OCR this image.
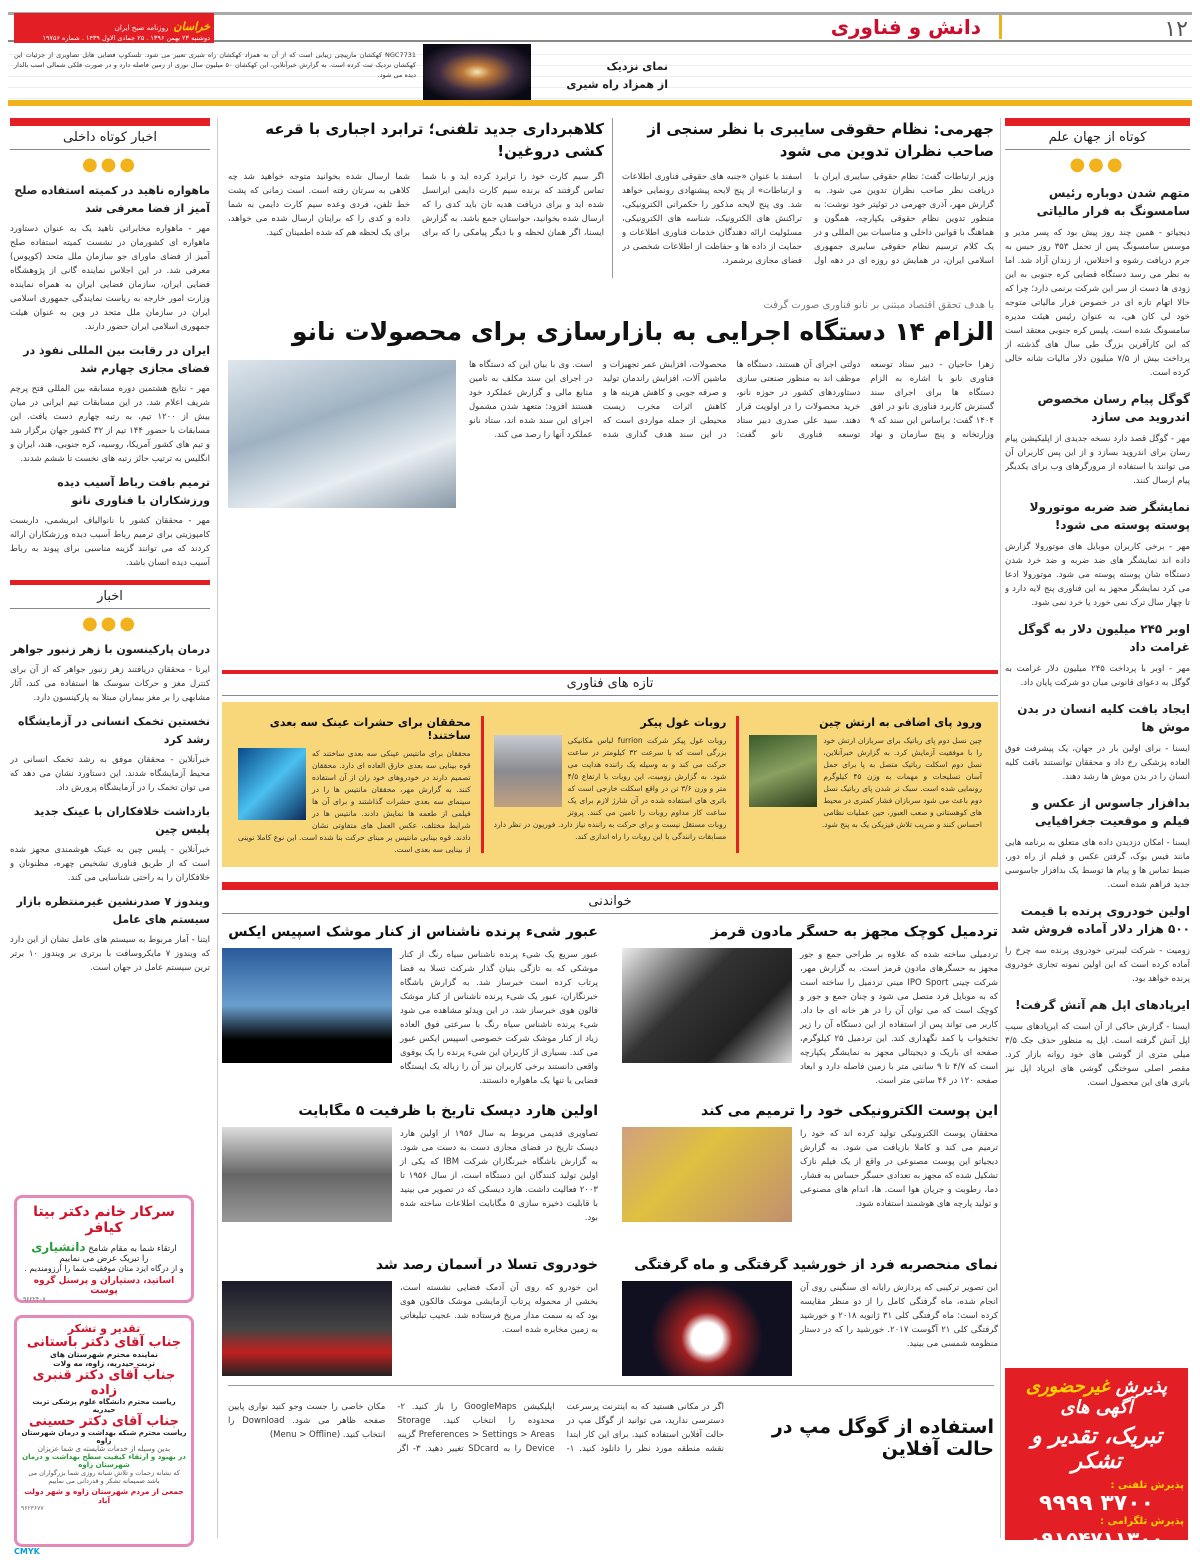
۱۲
دانش و فناوری
خراسان روزنامه صبح ایران
دوشنبه ۲۳ بهمن ۱۳۹۶ . ۲۵ جمادی الاول ۱۴۳۹ . شماره ۱۹۷۵۶
نمای نزدیک
از همزاد راه شیری
NGC7731 کهکشان مارپیچی زیبایی است که از آن به همزاد کهکشان راه شیری تعبیر می شود. تلسکوپ فضایی هابل تصاویری از جزئیات این کهکشان نزدیک ثبت کرده است. به گزارش خبرآنلاین، این کهکشان ۵۰ میلیون سال نوری از زمین فاصله دارد و در صورت فلکی شمالی اسب بالدار دیده می شود.
کوتاه از جهان علم
●●●
متهم شدن دوباره رئیس سامسونگ به فرار مالیاتی
دیجیاتو - همین چند روز پیش بود که پسر مدیر و موسس سامسونگ پس از تحمل ۳۵۳ روز حبس به جرم دریافت رشوه و اختلاس، از زندان آزاد شد. اما به نظر می رسد دستگاه قضایی کره جنوبی به این زودی ها دست از سر این شرکت برنمی دارد؛ چرا که حالا اتهام تازه ای در خصوص فرار مالیاتی متوجه خود لی کان هی، به عنوان رئیس هیئت مدیره سامسونگ شده است. پلیس کره جنوبی معتقد است که این کارآفرین بزرگ طی سال های گذشته از پرداخت بیش از ۷/۵ میلیون دلار مالیات شانه خالی کرده است.
گوگل پیام رسان مخصوص اندروید می سازد
مهر - گوگل قصد دارد نسخه جدیدی از اپلیکیشن پیام رسان برای اندروید بسازد و از این پس کاربران آن می توانند با استفاده از مرورگرهای وب برای یکدیگر پیام ارسال کنند.
نمایشگر ضد ضربه موتورولا پوسته پوسته می شود!
مهر - برخی کاربران موبایل های موتورولا گزارش داده اند نمایشگر های ضد ضربه و ضد خرد شدن دستگاه شان پوسته پوسته می شود. موتورولا ادعا می کرد نمایشگر مجهز به این فناوری پنج لایه دارد و تا چهار سال ترک نمی خورد یا خرد نمی شود.
اوبر ۲۴۵ میلیون دلار به گوگل غرامت داد
مهر - اوبر با پرداخت ۲۴۵ میلیون دلار غرامت به گوگل به دعوای قانونی میان دو شرکت پایان داد.
ایجاد بافت کلیه انسان در بدن موش ها
ایسنا - برای اولین بار در جهان، یک پیشرفت فوق العاده پزشکی رخ داد و محققان توانستند بافت کلیه انسان را در بدن موش ها رشد دهند.
بدافزار جاسوس از عکس و فیلم و موقعیت جغرافیایی
ایسنا - امکان دزدیدن داده های متعلق به برنامه هایی مانند فیس بوک، گرفتن عکس و فیلم از راه دور، ضبط تماس ها و پیام ها توسط یک بدافزار جاسوسی جدید فراهم شده است.
اولین خودروی پرنده با قیمت ۵۰۰ هزار دلار آماده فروش شد
زومیت - شرکت لیبرتی خودروی پرنده سه چرخ را آماده کرده است که این اولین نمونه تجاری خودروی پرنده خواهد بود.
ایرپادهای اپل هم آتش گرفت!
ایسنا - گزارش حاکی از آن است که ایرپادهای سیب اپل آتش گرفته است. اپل به منظور حذف جک ۳/۵ میلی متری از گوشی های خود روانه بازار کرد. مقصر اصلی سوختگی گوشی های ایرپاد اپل نیز باتری های این محصول است.
پذیرش غیرحضوری آگهی های
تبریک، تقدیر و تشکر
پذیرش تلفنی :
۳۷۰۰ ۹۹۹۹
پذیرش تلگرامی :
۰۹۱۵۴۷۱۱۳۰۰
جهرمی: نظام حقوقی سایبری با نظر سنجی از صاحب نظران تدوین می شود
وزیر ارتباطات گفت: نظام حقوقی سایبری ایران با دریافت نظر صاحب نظران تدوین می شود. به گزارش مهر، آذری جهرمی در توئیتر خود نوشت: به منظور تدوین نظام حقوقی یکپارچه، همگون و هماهنگ با قوانین داخلی و مناسبات بین المللی و در یک کلام ترسیم نظام حقوقی سایبری جمهوری اسلامی ایران، در همایش دو روزه ای در دهه اول اسفند با عنوان «جنبه های حقوقی فناوری اطلاعات و ارتباطات» از پنج لایحه پیشنهادی رونمایی خواهد شد. وی پنج لایحه مذکور را حکمرانی الکترونیکی، تراکنش های الکترونیک، شناسه های الکترونیکی، مسئولیت ارائه دهندگان خدمات فناوری اطلاعات و حمایت از داده ها و حفاظت از اطلاعات شخصی در فضای مجازی برشمرد.
کلاهبرداری جدید تلفنی؛ ترابرد اجباری با قرعه کشی دروغین!
اگر سیم کارت خود را ترابرد کرده اید و با شما تماس گرفتند که برنده سیم کارت دایمی ایرانسل شده اید و برای دریافت هدیه تان باید کدی را که ارسال شده بخوانید، حواستان جمع باشد. به گزارش ایسنا، اگر همان لحظه و با دیگر پیامکی را که برای شما ارسال شده بخوانید متوجه خواهید شد چه کلاهی به سرتان رفته است. است زمانی که پشت خط تلفن، فردی وعده سیم کارت دایمی به شما داده و کدی را که برایتان ارسال شده می خواهد، برای یک لحظه هم که شده اطمینان کنید.
با هدف تحقق اقتصاد مبتنی بر نانو فناوری صورت گرفت
الزام ۱۴ دستگاه اجرایی به بازارسازی برای محصولات نانو
زهرا حاجیان - دبیر ستاد توسعه فناوری نانو با اشاره به الزام دستگاه ها برای اجرای سند گسترش کاربرد فناوری نانو در افق ۱۴۰۴ گفت: براساس این سند که ۹ وزارتخانه و پنج سازمان و نهاد دولتی اجرای آن هستند، دستگاه ها موظف اند به منظور صنعتی سازی دستاوردهای کشور در حوزه نانو، خرید محصولات را در اولویت قرار دهند. سید علی صدری دبیر ستاد توسعه فناوری نانو گفت: محصولات، افزایش عمر تجهیزات و ماشین آلات، افزایش راندمان تولید و صرفه جویی و کاهش هزینه ها و کاهش اثرات مخرب زیست محیطی از جمله مواردی است که در این سند هدف گذاری شده است. وی با بیان این که دستگاه ها در اجرای این سند مکلف به تامین منابع مالی و گزارش عملکرد خود هستند افزود: متعهد شدن مشمول اجرای این سند شده اند، ستاد نانو عملکرد آنها را رصد می کند.
تازه های فناوری
ورود پای اضافی به ارتش چین
چین نسل دوم پای رباتیک برای سربازان ارتش خود را با موفقیت آزمایش کرد. به گزارش خبرآنلاین، نسل دوم اسکلت رباتیک متصل به پا برای حمل آسان تسلیحات و مهمات به وزن ۴۵ کیلوگرم رونمایی شده است. سبک تر شدن پای رباتیک نسل دوم باعث می شود سربازان فشار کمتری در محیط های کوهستانی و صعب العبور، حین عملیات نظامی احساس کنند و ضریب تلاش فیزیکی یک به پنج شود.
روبات غول پیکر
روبات غول پیکر شرکت furrion لباس مکانیکی بزرگی است که با سرعت ۳۲ کیلومتر در ساعت حرکت می کند و به وسیله یک راننده هدایت می شود. به گزارش زومیت، این روبات با ارتفاع ۴/۵ متر و وزن ۳/۶ تن در واقع اسکلت خارجی است که باتری های استفاده شده در آن شارژ لازم برای یک ساعت کار مداوم روبات را تامین می کنند. پروتز روبات مستقل نیست و برای حرکت به راننده نیاز دارد. فوریون در نظر دارد مسابقات رانندگی با این روبات را راه اندازی کند.
محققان برای حشرات عینک سه بعدی ساختند!
محققان برای مانتیس عینکی سه بعدی ساختند که قوه بینایی سه بعدی خارق العاده ای دارد. محققان تصمیم دارند در خودروهای خود ران از آن استفاده کنند. به گزارش مهر، محققان مانتیس ها را در سینمای سه بعدی حشرات گذاشتند و برای آن ها فیلمی از طعمه ها نمایش دادند. مانتیس ها در شرایط مختلف، عکس العمل های متفاوتی نشان دادند. قوه بینایی مانتیس بر مبنای حرکت بنا شده است. این نوع کاملا نوینی از بینایی سه بعدی است.
خواندنی
تردمیل کوچک مجهز به حسگر مادون قرمز
تردمیلی ساخته شده که علاوه بر طراحی جمع و جور مجهز به حسگرهای مادون قرمز است. به گزارش مهر، شرکت چینی IPO Sport مینی تردمیل را ساخته است که به موبایل فرد متصل می شود و چنان جمع و جور و کوچک است که می توان آن را در هر خانه ای جا داد. کاربر می تواند پس از استفاده از این دستگاه آن را زیر تختخواب یا کمد نگهداری کند. این تردمیل ۲۵ کیلوگرم، صفحه ای باریک و دیجیتالی مجهز به نمایشگر یکپارچه است که ۴/۷ تا ۹ سانتی متر با زمین فاصله دارد و ابعاد صفحه ۱۲۰ در ۴۶ سانتی متر است.
عبور شیء پرنده ناشناس از کنار موشک اسپیس ایکس
عبور سریع یک شیء پرنده ناشناس سیاه رنگ از کنار موشکی که به تازگی بنیان گذار شرکت تسلا به فضا پرتاب کرده است خبرساز شد. به گزارش باشگاه خبرنگاران، عبور یک شیء پرنده ناشناس از کنار موشک فالون هوی خبرساز شد. در این ویدئو مشاهده می شود شیء پرنده ناشناس سیاه رنگ با سرعتی فوق العاده زیاد از کنار موشک شرکت خصوصی اسپیس ایکس عبور می کند. بسیاری از کاربران این شیء پرنده را یک یوفوی واقعی دانستند برخی کاربران نیز آن را زباله یک ایستگاه فضایی یا تنها یک ماهواره دانستند.
این پوست الکترونیکی خود را ترمیم می کند
محققان پوست الکترونیکی تولید کرده اند که خود را ترمیم می کند و کاملا بازیافت می شود. به گزارش دیجیاتو این پوست مصنوعی در واقع از یک فیلم نازک تشکیل شده که مجهز به تعدادی حسگر حساس به فشار، دما، رطوبت و جریان هوا است. ها، اندام های مصنوعی و تولید پارچه های هوشمند استفاده شود.
اولین هارد دیسک تاریخ با ظرفیت ۵ مگابایت
تصاویری قدیمی مربوط به سال ۱۹۵۶ از اولین هارد دیسک تاریخ در فضای مجازی دست به دست می شود. به گزارش باشگاه خبرنگاران شرکت IBM که یکی از اولین تولید کنندگان این دستگاه است، از سال ۱۹۵۶ تا ۲۰۰۳ فعالیت داشت. هارد دیسکی که در تصویر می بینید با قابلیت ذخیره سازی ۵ مگابایت اطلاعات ساخته شده بود.
نمای منحصربه فرد از خورشید گرفتگی و ماه گرفتگی
این تصویر ترکیبی که پردازش رایانه ای سنگینی روی آن انجام شده، ماه گرفتگی کامل را از دو منظر مقایسه کرده است: ماه گرفتگی کلی ۳۱ ژانویه ۲۰۱۸ و خورشید گرفتگی کلی ۲۱ آگوست ۲۰۱۷. خورشید را که در دستار منظومه شمسی می بینید.
خودروی تسلا در آسمان رصد شد
این خودرو که روی آن آدمک فضایی نشسته است، بخشی از محموله پرتاب آزمایشی موشک فالکون هوی بود که به سمت مدار مریخ فرستاده شد. عجیب تبلیغاتی به زمین مخابره شده است.
استفاده از گوگل مپ در حالت آفلاین
اگر در مکانی هستید که به اینترنت پرسرعت دسترسی ندارید، می توانید از گوگل مپ در حالت آفلاین استفاده کنید. برای این کار ابتدا نقشه منطقه مورد نظر را دانلود کنید. ۱- اپلیکیشن GoogleMaps را باز کنید. ۲- محدوده را انتخاب کنید. Storage Preferences > Settings > Areas گزینه Device را به SDcard تغییر دهید. ۳- اگر مکان خاصی را جست وجو کنید نواری پایین صفحه ظاهر می شود. Download را انتخاب کنید. (Menu > Offline)
اخبار کوتاه داخلی
●●●
ماهواره ناهید در کمیته استفاده صلح آمیز از فضا معرفی شد
مهر - ماهواره مخابراتی ناهید یک به عنوان دستاورد ماهواره ای کشورمان در نشست کمیته استفاده صلح آمیز از فضای ماورای جو سازمان ملل متحد (کوپوس) معرفی شد. در این اجلاس نماینده گانی از پژوهشگاه فضایی ایران، سازمان فضایی ایران به همراه نماینده وزارت امور خارجه به ریاست نمایندگی جمهوری اسلامی ایران در سازمان ملل متحد در وین به عنوان هیئت جمهوری اسلامی ایران حضور دارند.
ایران در رقابت بین المللی نفوذ در فضای مجازی چهارم شد
مهر - نتایج هشتمین دوره مسابقه بین المللی فتح پرچم شریف اعلام شد. در این مسابقات تیم ایرانی در میان بیش از ۱۲۰۰ تیم، به رتبه چهارم دست یافت. این مسابقات با حضور ۱۴۴ تیم از ۳۲ کشور جهان برگزار شد و تیم های کشور آمریکا، روسیه، کره جنوبی، هند، ایران و انگلیس به ترتیب حائز رتبه های نخست تا ششم شدند.
ترمیم بافت رباط آسیب دیده ورزشکاران با فناوری نانو
مهر - محققان کشور با نانوالیاف ابریشمی، داربست کامپوزیتی برای ترمیم رباط آسیب دیده ورزشکاران ارائه کردند که می توانند گزینه مناسبی برای پیوند به رباط آسیب دیده انسان باشد.
اخبار
●●●
درمان پارکینسون با زهر زنبور جواهر
ایرنا - محققان دریافتند زهر زنبور جواهر که از آن برای کنترل مغز و حرکات سوسک ها استفاده می کند، آثار مشابهی را بر مغز بیماران مبتلا به پارکینسون دارد.
نخستین تخمک انسانی در آزمایشگاه رشد کرد
خبرآنلاین - محققان موفق به رشد تخمک انسانی در محیط آزمایشگاه شدند. این دستاورد نشان می دهد که می توان تخمک را در آزمایشگاه پرورش داد.
بازداشت خلافکاران با عینک جدید پلیس چین
خبرآنلاین - پلیس چین به عینک هوشمندی مجهز شده است که از طریق فناوری تشخیص چهره، مظنونان و خلافکاران را به راحتی شناسایی می کند.
ویندوز ۷ صدرنشین غیرمنتظره بازار سیستم های عامل
ایتنا - آمار مربوط به سیستم های عامل نشان از این دارد که ویندوز ۷ مایکروسافت با برتری بر ویندوز ۱۰ برتر ترین سیستم عامل در جهان است.
سرکار خانم دکتر بیتا کیافر
ارتقاء شما به مقام شامخ دانشیاری
را تبریک عرض می نماییم
و از درگاه ایزد منان موفقیت شما را آرزومندیم .
اساتید، دستیاران و پرسنل گروه پوست
۹۶۲۲۴۰۷
تقدیر و تشکر
جناب آقای دکتر باستانی
نماینده محترم شهرستان های
تربت حیدریه، زاوه، مه ولات
جناب آقای دکتر قنبری زاده
ریاست محترم دانشگاه علوم پزشکی تربت حیدریه
جناب آقای دکتر حسینی
ریاست محترم شبکه بهداشت و درمان شهرستان زاوه
بدین وسیله از خدمات شایسته ی شما عزیزان
در بهبود و ارتقاء کیفیت سطح بهداشت و درمان شهرستان زاوه
که نشانه زحمات و تلاش شبانه روزی شما بزرگواران می باشد صمیمانه تشکر و قدردانی می نماییم
جمعی از مردم شهرستان زاوه و شهر دولت آباد
۹۶۲۳۶۷۷
CMYK
